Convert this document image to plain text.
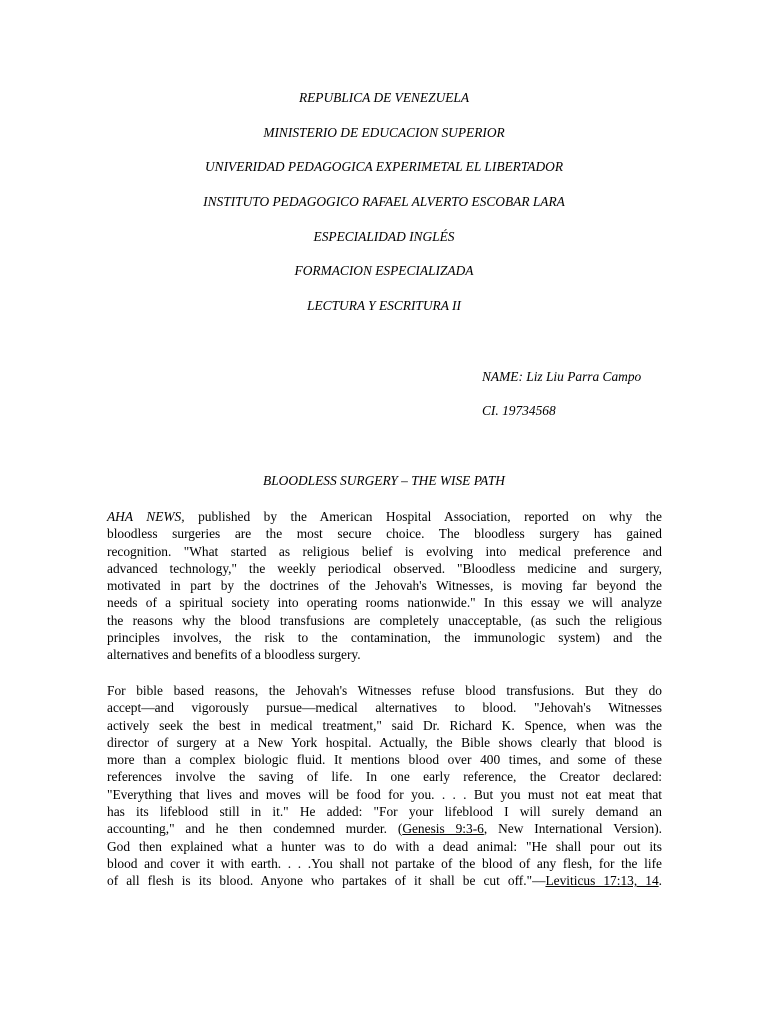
REPUBLICA DE VENEZUELA
MINISTERIO DE EDUCACION SUPERIOR
UNIVERIDAD PEDAGOGICA EXPERIMETAL EL LIBERTADOR
INSTITUTO PEDAGOGICO RAFAEL ALVERTO ESCOBAR LARA
ESPECIALIDAD INGLÉS
FORMACION ESPECIALIZADA
LECTURA Y ESCRITURA II
NAME: Liz Liu Parra Campo
CI. 19734568
BLOODLESS SURGERY – THE WISE PATH
AHA NEWS, published by the American Hospital Association, reported on why the
bloodless surgeries are the most secure choice. The bloodless surgery has gained
recognition. "What started as religious belief is evolving into medical preference and
advanced technology," the weekly periodical observed. "Bloodless medicine and surgery,
motivated in part by the doctrines of the Jehovah's Witnesses, is moving far beyond the
needs of a spiritual society into operating rooms nationwide." In this essay we will analyze
the reasons why the blood transfusions are completely unacceptable, (as such the religious
principles involves, the risk to the contamination, the immunologic system) and the
alternatives and benefits of a bloodless surgery.
For bible based reasons, the Jehovah's Witnesses refuse blood transfusions. But they do
accept—and vigorously pursue—medical alternatives to blood. "Jehovah's Witnesses
actively seek the best in medical treatment," said Dr. Richard K. Spence, when was the
director of surgery at a New York hospital. Actually, the Bible shows clearly that blood is
more than a complex biologic fluid. It mentions blood over 400 times, and some of these
references involve the saving of life. In one early reference, the Creator declared:
"Everything that lives and moves will be food for you. . . . But you must not eat meat that
has its lifeblood still in it." He added: "For your lifeblood I will surely demand an
accounting," and he then condemned murder. (Genesis 9:3-6, New International Version).
God then explained what a hunter was to do with a dead animal: "He shall pour out its
blood and cover it with earth. . . .You shall not partake of the blood of any flesh, for the life
of all flesh is its blood. Anyone who partakes of it shall be cut off."—Leviticus 17:13, 14.
